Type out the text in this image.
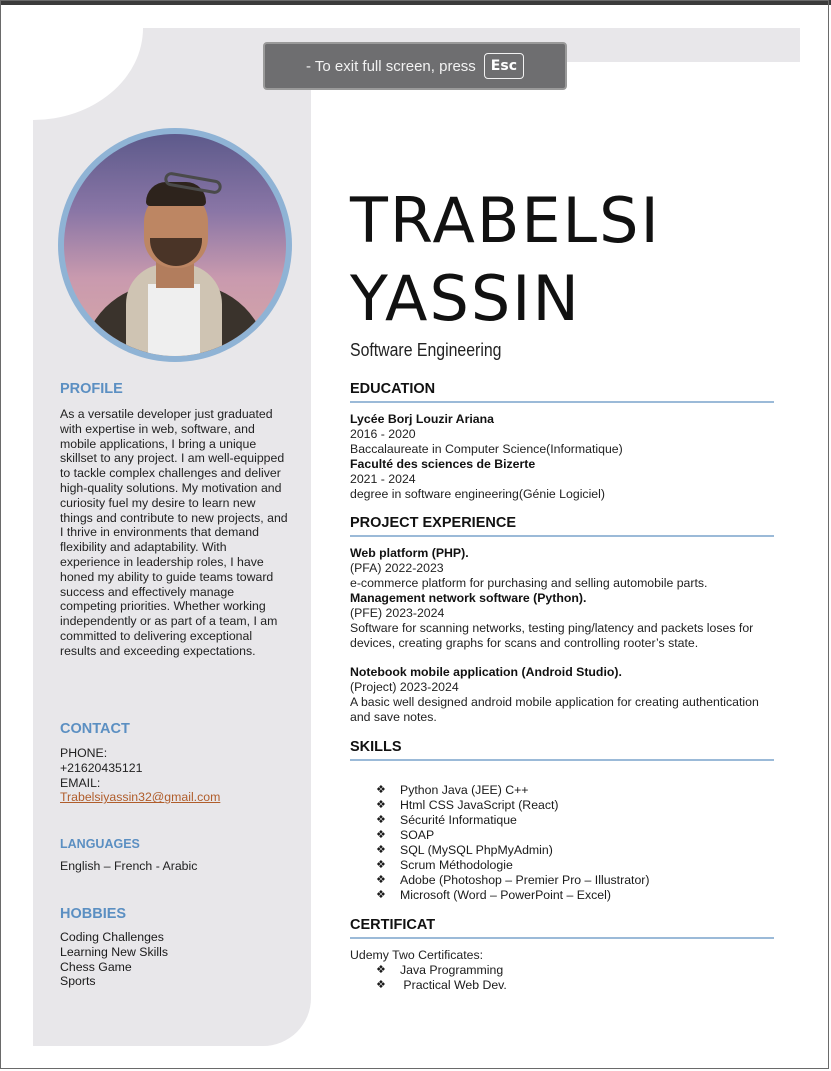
- To exit full screen, press	Esc
PROFILE

As a versatile developer just graduated with expertise in web, software, and mobile applications, I bring a unique skillset to any project. I am well-equipped to tackle complex challenges and deliver high-quality solutions. My motivation and curiosity fuel my desire to learn new things and contribute to new projects, and I thrive in environments that demand flexibility and adaptability. With experience in leadership roles, I have honed my ability to guide teams toward success and effectively manage competing priorities. Whether working independently or as part of a team, I am committed to delivering exceptional results and exceeding expectations.

CONTACT
PHONE:
+21620435121
EMAIL:
Trabelsiyassin32@gmail.com
LANGUAGES

English – French - Arabic

HOBBIES
Coding Challenges
Learning New Skills
Chess Game
Sports
TRABELSI
YASSIN
Software Engineering
EDUCATION
Lycée Borj Louzir Ariana
2016 - 2020
Baccalaureate in Computer Science(Informatique)
Faculté des sciences de Bizerte
2021 - 2024
degree in software engineering(Génie Logiciel)
PROJECT EXPERIENCE
Web platform (PHP).
(PFA) 2022-2023
e-commerce platform for purchasing and selling automobile parts.
Management network software (Python).
(PFE) 2023-2024
Software for scanning networks, testing ping/latency and packets loses for devices, creating graphs for scans and controlling rooter’s state.
Notebook mobile application (Android Studio).
(Project) 2023-2024
A basic well designed android mobile application for creating authentication and save notes.
SKILLS
❖ Python Java (JEE) C++
❖ Html CSS JavaScript (React)
❖ Sécurité Informatique
❖ SOAP
❖ SQL (MySQL PhpMyAdmin)
❖ Scrum Méthodologie
❖ Adobe (Photoshop – Premier Pro – Illustrator)
❖ Microsoft (Word – PowerPoint – Excel)
CERTIFICAT
Udemy Two Certificates:
❖ Java Programming
❖ Practical Web Dev.
